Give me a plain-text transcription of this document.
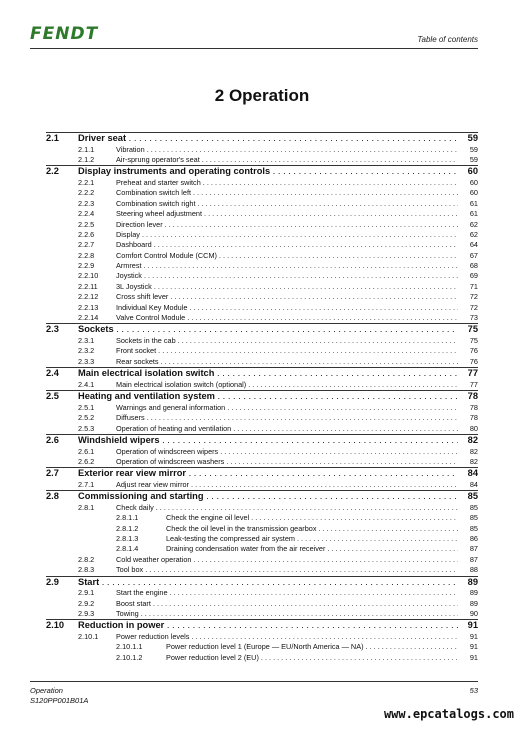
FENDT	Table of contents
2 Operation
2.1 Driver seat . . .	59
2.1.1	Vibration . . .	59
2.1.2	Air-sprung operator's seat . . .	59
2.2 Display instruments and operating controls . . .	60
2.2.1	Preheat and starter switch . . .	60
2.2.2	Combination switch left . . .	60
2.2.3	Combination switch right . . .	61
2.2.4	Steering wheel adjustment . . .	61
2.2.5	Direction lever . . .	62
2.2.6	Display . . .	62
2.2.7	Dashboard . . .	64
2.2.8	Comfort Control Module (CCM) . . .	67
2.2.9	Armrest . . .	68
2.2.10 Joystick . . .	69
2.2.11	3L Joystick . . .	71
2.2.12 Cross shift lever . . .	72
2.2.13 Individual Key Module . . .	72
2.2.14 Valve Control Module . . .	73
2.3 Sockets . . .	75
2.3.1	Sockets in the cab . . .	75
2.3.2	Front socket . . .	76
2.3.3	Rear sockets . . .	76
2.4 Main electrical isolation switch . . .	77
2.4.1	Main electrical isolation switch (optional) . . .	77
2.5 Heating and ventilation system . . .	78
2.5.1	Warnings and general information . . .	78
2.5.2	Diffusers . . .	78
2.5.3	Operation of heating and ventilation . . .	80
2.6 Windshield wipers . . .	82
2.6.1	Operation of windscreen wipers . . .	82
2.6.2	Operation of windscreen washers . . .	82
2.7 Exterior rear view mirror . . .	84
2.7.1	Adjust rear view mirror . . .	84
2.8 Commissioning and starting . . .	85
2.8.1	Check daily . . .	85
2.8.1.1	Check the engine oil level . . .	85
2.8.1.2	Check the oil level in the transmission gearbox . . .	85
2.8.1.3	Leak-testing the compressed air system . . .	86
2.8.1.4	Draining condensation water from the air receiver . . .	87
2.8.2	Cold weather operation . . .	87
2.8.3	Tool box . . .	88
2.9 Start . . .	89
2.9.1	Start the engine . . .	89
2.9.2	Boost start . . .	89
2.9.3	Towing . . .	90
2.10 Reduction in power . . .	91
2.10.1 Power reduction levels . . .	91
2.10.1.1	Power reduction level 1 (Europe — EU/North America — NA) . . .	91
2.10.1.2	Power reduction level 2 (EU) . . .	91
Operation
S120PP001B01A
53
www.epcatalogs.com
